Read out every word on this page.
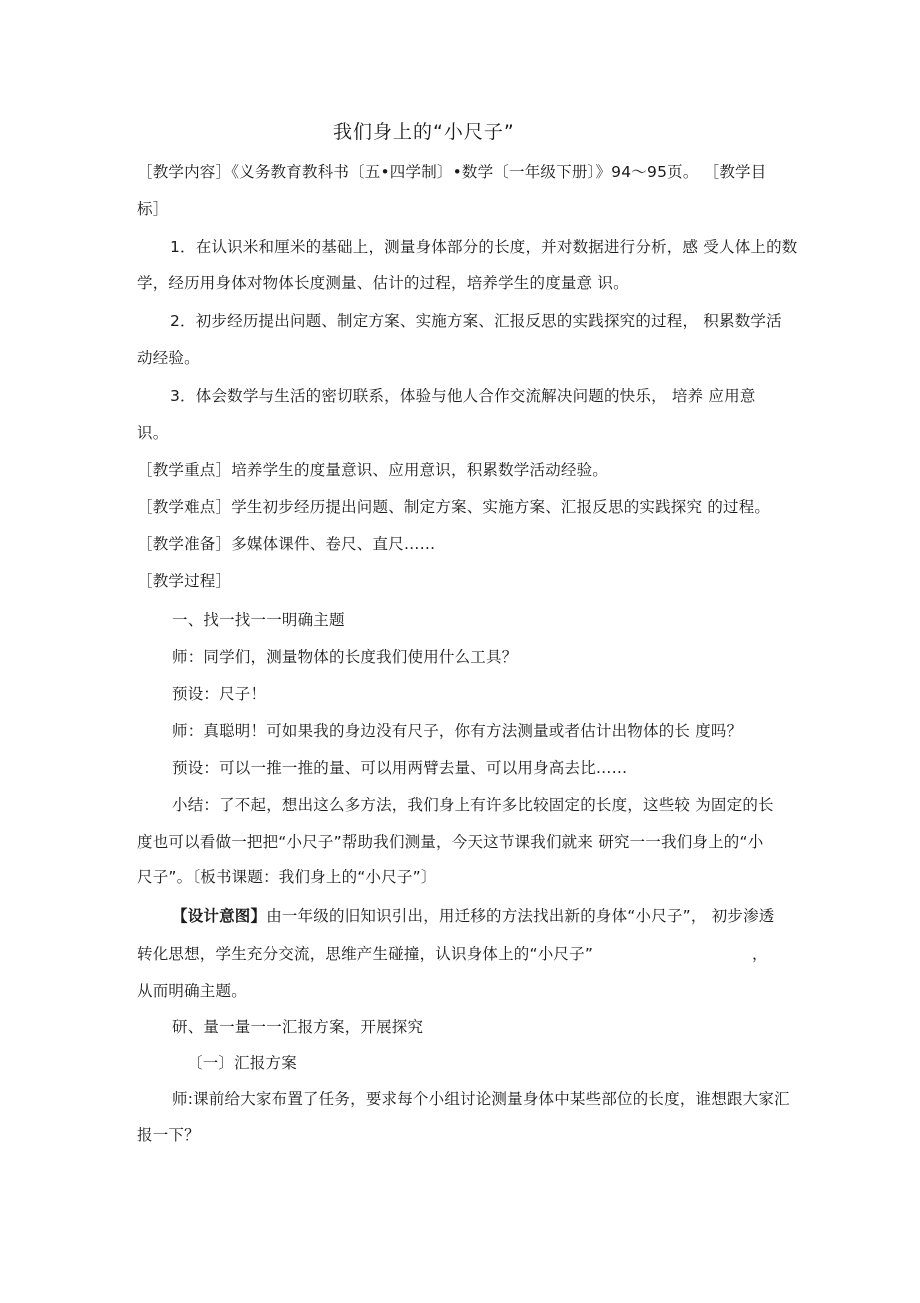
我们身上的“小尺子”
［教学内容］《义务教育教科书〔五•四学制〕•数学〔一年级下册〕》94～95页。 ［教学目
标］
1．在认识米和厘米的基础上，测量身体部分的长度，并对数据进行分析，感 受人体上的数
学，经历用身体对物体长度测量、估计的过程，培养学生的度量意 识。
2．初步经历提出问题、制定方案、实施方案、汇报反思的实践探究的过程， 积累数学活
动经验。
3．体会数学与生活的密切联系，体验与他人合作交流解决问题的快乐， 培养 应用意
识。
［教学重点］培养学生的度量意识、应用意识，积累数学活动经验。
［教学难点］学生初步经历提出问题、制定方案、实施方案、汇报反思的实践探究 的过程。
［教学准备］多媒体课件、卷尺、直尺……
［教学过程］
一、找一找一一明确主题
师：同学们，测量物体的长度我们使用什么工具？
预设：尺子！
师：真聪明！可如果我的身边没有尺子，你有方法测量或者估计出物体的长 度吗？
预设：可以一推一推的量、可以用两臂去量、可以用身高去比……
小结：了不起，想出这么多方法，我们身上有许多比较固定的长度，这些较 为固定的长
度也可以看做一把把“小尺子”帮助我们测量，今天这节课我们就来 研究一一我们身上的“小
尺子”。〔板书课题：我们身上的“小尺子”〕
【设计意图】由一年级的旧知识引出，用迁移的方法找出新的身体“小尺子”， 初步渗透
转化思想，学生充分交流，思维产生碰撞，认识身体上的“小尺子”	，
从而明确主题。
研、量一量一一汇报方案，开展探究
〔一〕汇报方案
师:课前给大家布置了任务，要求每个小组讨论测量身体中某些部位的长度，谁想跟大家汇
报一下？
